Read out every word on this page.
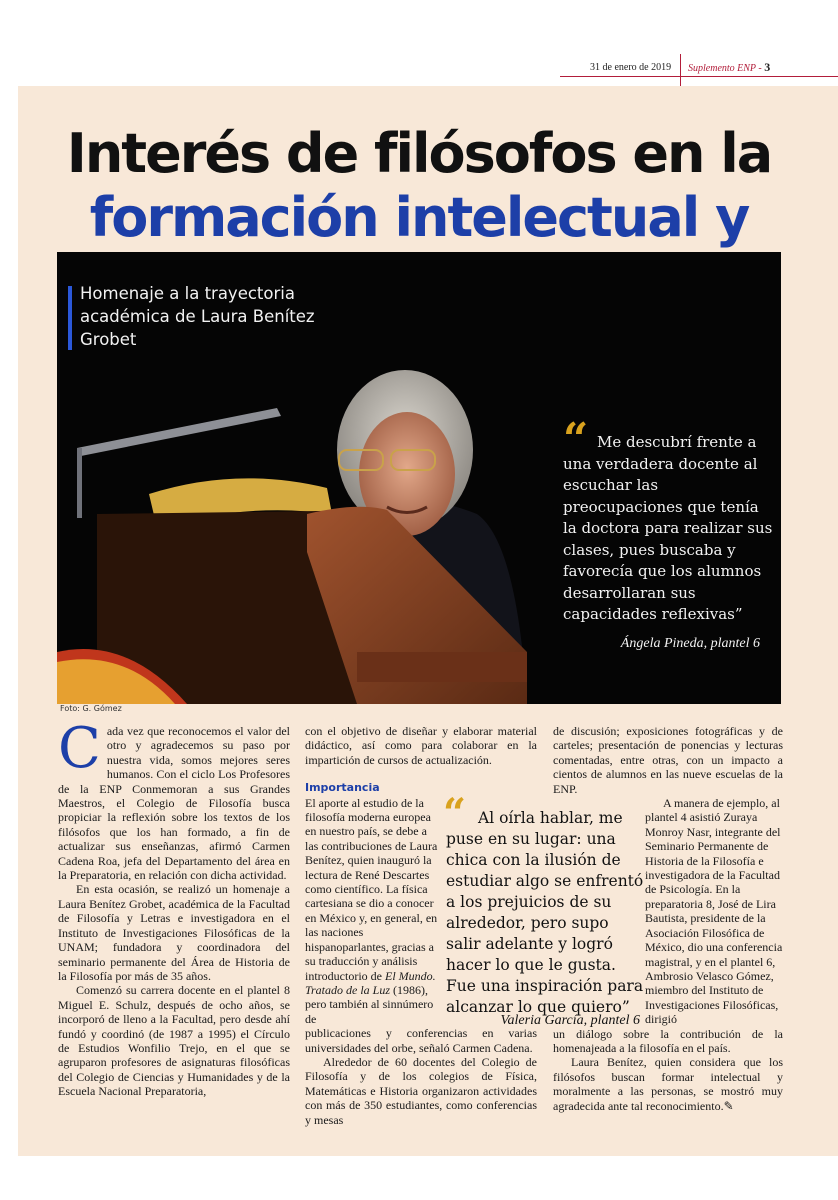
31 de enero de 2019 Suplemento ENP - 3
Interés de filósofos en la
formación intelectual y
Homenaje a la trayectoria académica de Laura Benítez Grobet
“ Me descubrí frente a una verdadera docente al escuchar las preocupaciones que tenía la doctora para realizar sus clases, pues buscaba y favorecía que los alumnos desarrollaran sus capacidades reflexivas”
Ángela Pineda, plantel 6
Foto: G. Gómez

Cada vez que reconocemos el valor del otro y agradecemos su paso por nuestra vida, somos mejores seres humanos. Con el ciclo Los Profesores de la ENP Conmemoran a sus Grandes Maestros, el Colegio de Filosofía busca propiciar la reflexión sobre los textos de los filósofos que los han formado, a fin de actualizar sus enseñanzas, afirmó Carmen Cadena Roa, jefa del Departamento del área en la Preparatoria, en relación con dicha actividad.

En esta ocasión, se realizó un homenaje a Laura Benítez Grobet, académica de la Facultad de Filosofía y Letras e investigadora en el Instituto de Investigaciones Filosóficas de la UNAM; fundadora y coordinadora del seminario permanente del Área de Historia de la Filosofía por más de 35 años.

Comenzó su carrera docente en el plantel 8 Miguel E. Schulz, después de ocho años, se incorporó de lleno a la Facultad, pero desde ahí fundó y coordinó (de 1987 a 1995) el Círculo de Estudios Wonfilio Trejo, en el que se agruparon profesores de asignaturas filosóficas del Colegio de Ciencias y Humanidades y de la Escuela Nacional Preparatoria,

con el objetivo de diseñar y elaborar material didáctico, así como para colaborar en la impartición de cursos de actualización.

Importancia

El aporte al estudio de la filosofía moderna europea en nuestro país, se debe a las contribuciones de Laura Benítez, quien inauguró la lectura de René Descartes como científico. La física cartesiana se dio a conocer en México y, en general, en las naciones hispanoparlantes, gracias a su traducción y análisis introductorio de El Mundo. Tratado de la Luz (1986), pero también al sinnúmero de

publicaciones y conferencias en varias universidades del orbe, señaló Carmen Cadena.

Alrededor de 60 docentes del Colegio de Filosofía y de los colegios de Física, Matemáticas e Historia organizaron actividades con más de 350 estudiantes, como conferencias y mesas

“ Al oírla hablar, me puse en su lugar: una chica con la ilusión de estudiar algo se enfrentó a los prejuicios de su alrededor, pero supo salir adelante y logró hacer lo que le gusta. Fue una inspiración para alcanzar lo que quiero”
Valeria García, plantel 6

de discusión; exposiciones fotográficas y de carteles; presentación de ponencias y lecturas comentadas, entre otras, con un impacto a cientos de alumnos en las nueve escuelas de la ENP.

A manera de ejemplo, al plantel 4 asistió Zuraya Monroy Nasr, integrante del Seminario Permanente de Historia de la Filosofía e investigadora de la Facultad de Psicología. En la preparatoria 8, José de Lira Bautista, presidente de la Asociación Filosófica de México, dio una conferencia magistral, y en el plantel 6, Ambrosio Velasco Gómez, miembro del Instituto de Investigaciones Filosóficas, dirigió

un diálogo sobre la contribución de la homenajeada a la filosofía en el país.

Laura Benítez, quien considera que los filósofos buscan formar intelectual y moralmente a las personas, se mostró muy agradecida ante tal reconocimiento.✎
